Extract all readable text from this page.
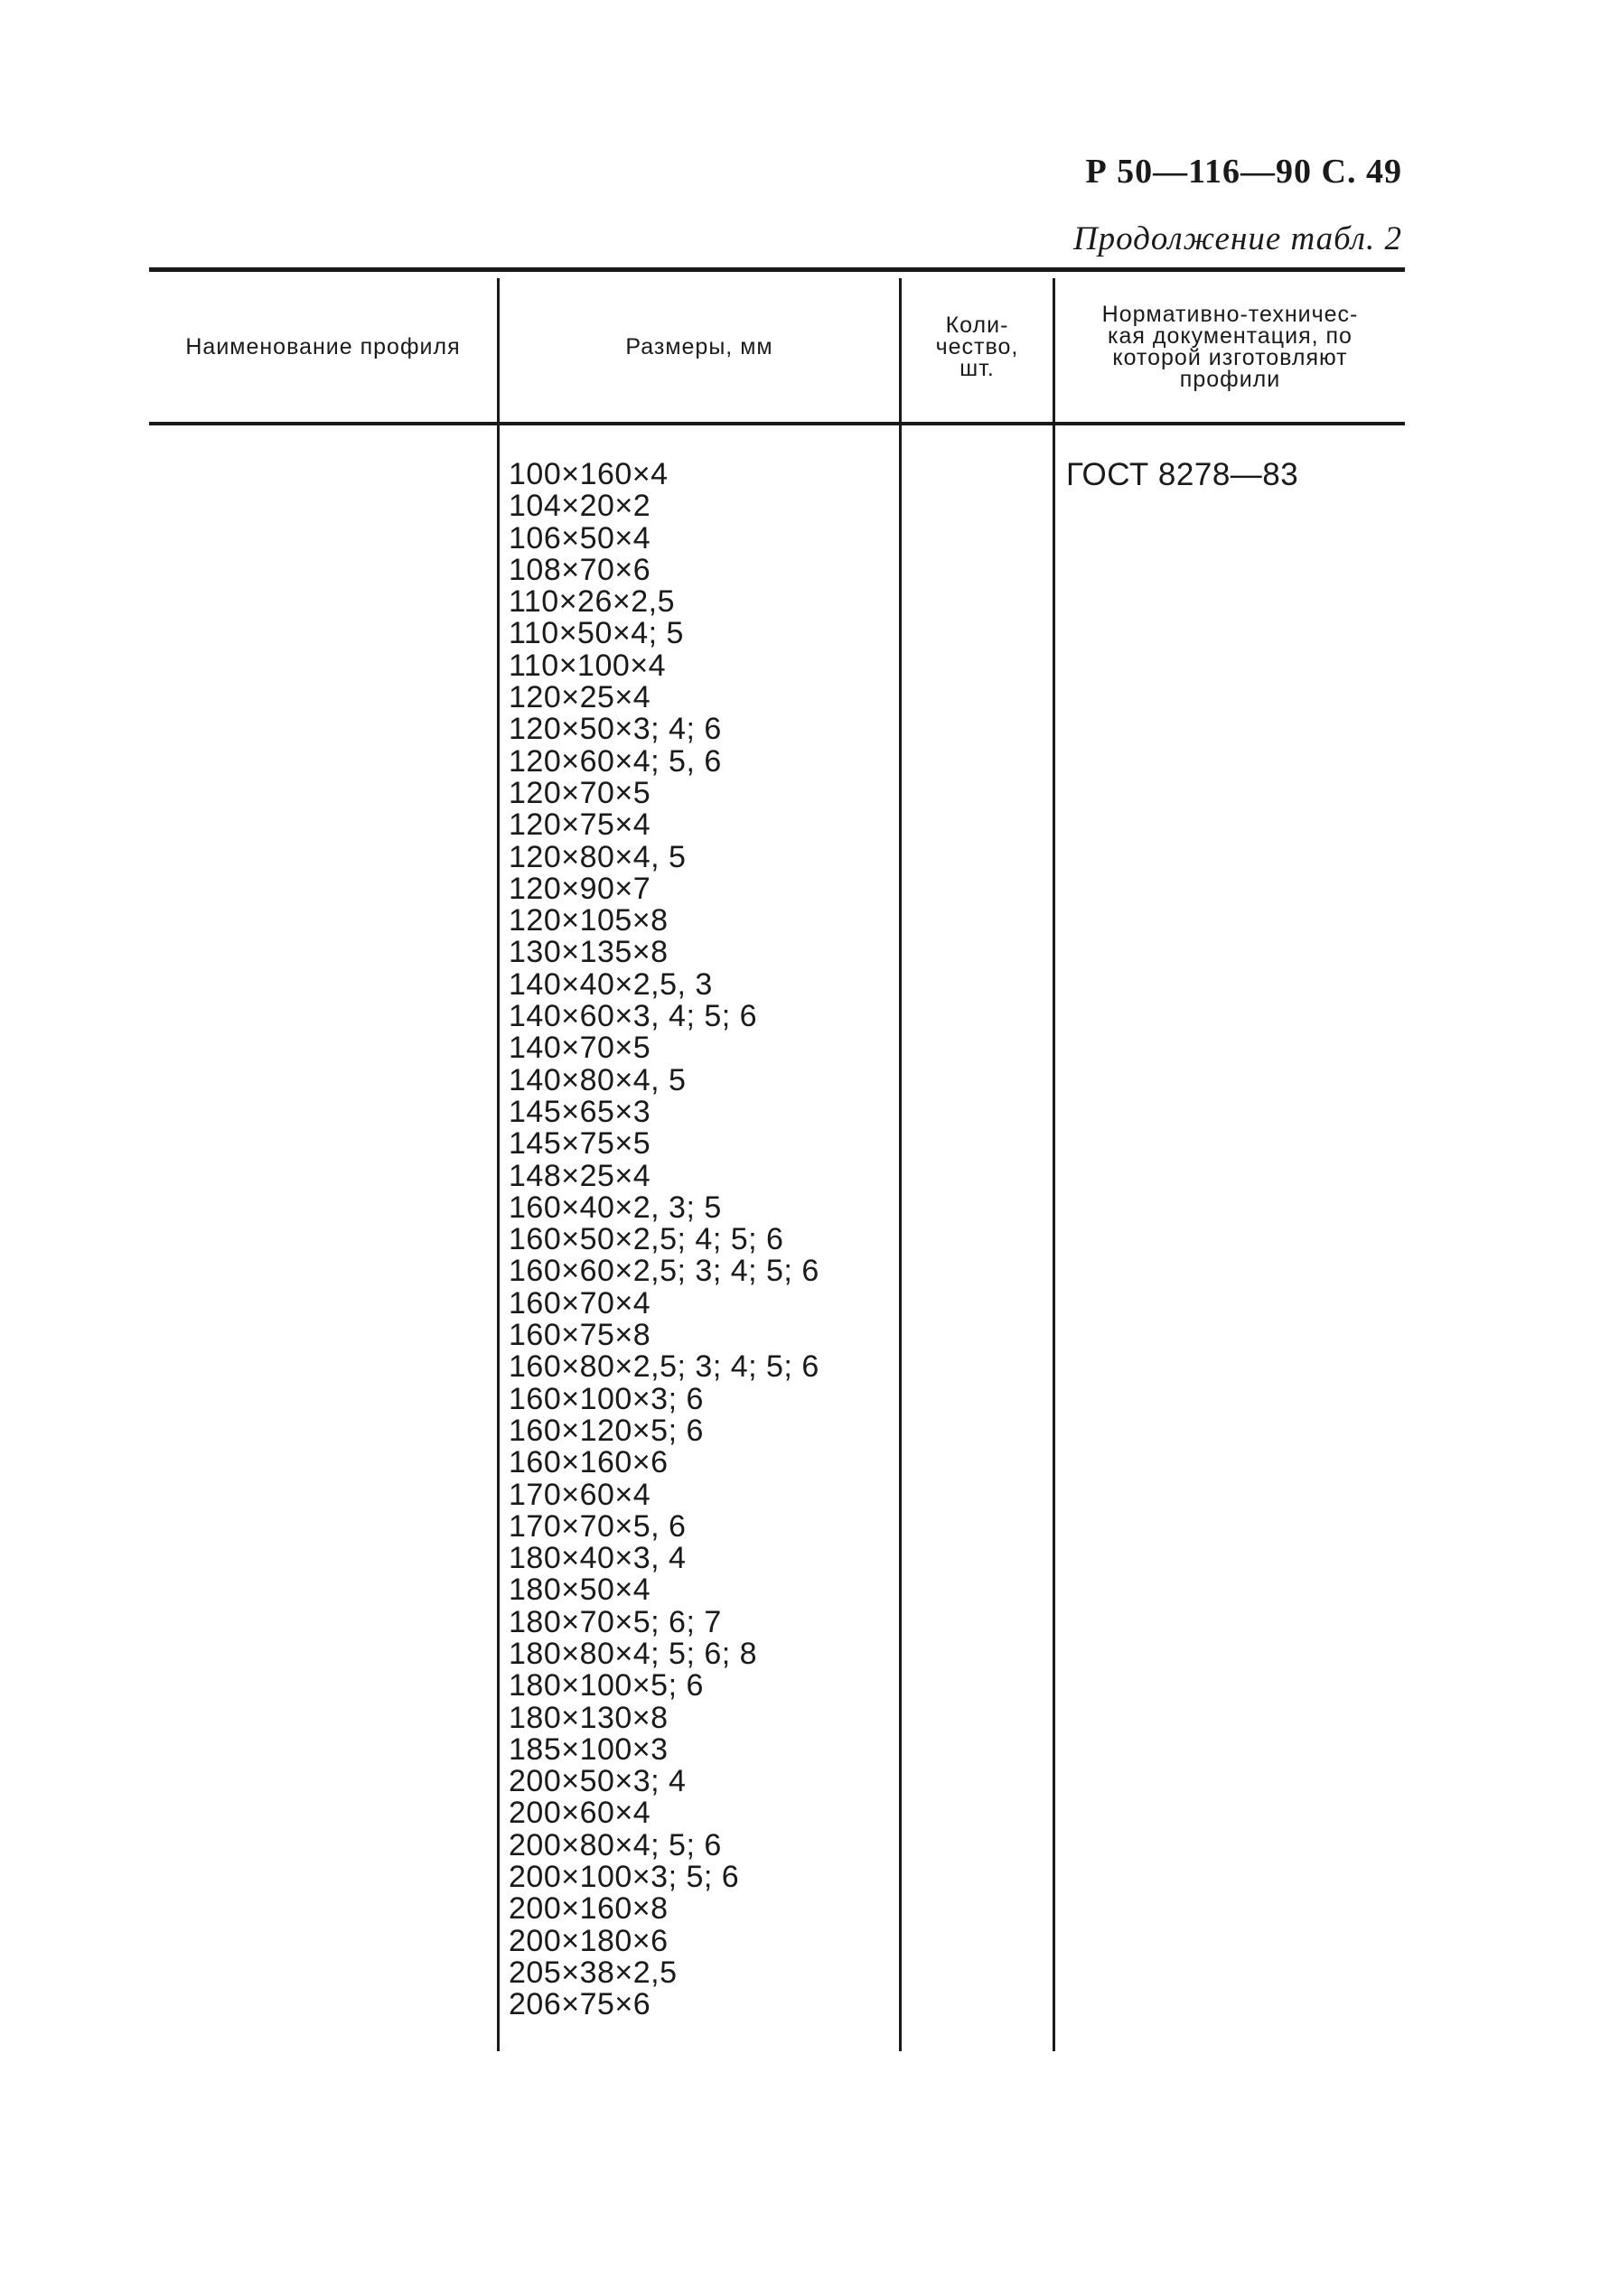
Р 50—116—90 С. 49
Продолжение табл. 2
Наименование профиля	Размеры, мм
Коли-
чество,
шт.
Нормативно-техничес-
кая документация, по
которой изготовляют
профили
100×160×4
104×20×2
106×50×4
108×70×6
110×26×2,5
110×50×4; 5
110×100×4
120×25×4
120×50×3; 4; 6
120×60×4; 5, 6
120×70×5
120×75×4
120×80×4, 5
120×90×7
120×105×8
130×135×8
140×40×2,5, 3
140×60×3, 4; 5; 6
140×70×5
140×80×4, 5
145×65×3
145×75×5
148×25×4
160×40×2, 3; 5
160×50×2,5; 4; 5; 6
160×60×2,5; 3; 4; 5; 6
160×70×4
160×75×8
160×80×2,5; 3; 4; 5; 6
160×100×3; 6
160×120×5; 6
160×160×6
170×60×4
170×70×5, 6
180×40×3, 4
180×50×4
180×70×5; 6; 7
180×80×4; 5; 6; 8
180×100×5; 6
180×130×8
185×100×3
200×50×3; 4
200×60×4
200×80×4; 5; 6
200×100×3; 5; 6
200×160×8
200×180×6
205×38×2,5
206×75×6
ГОСТ 8278—83
